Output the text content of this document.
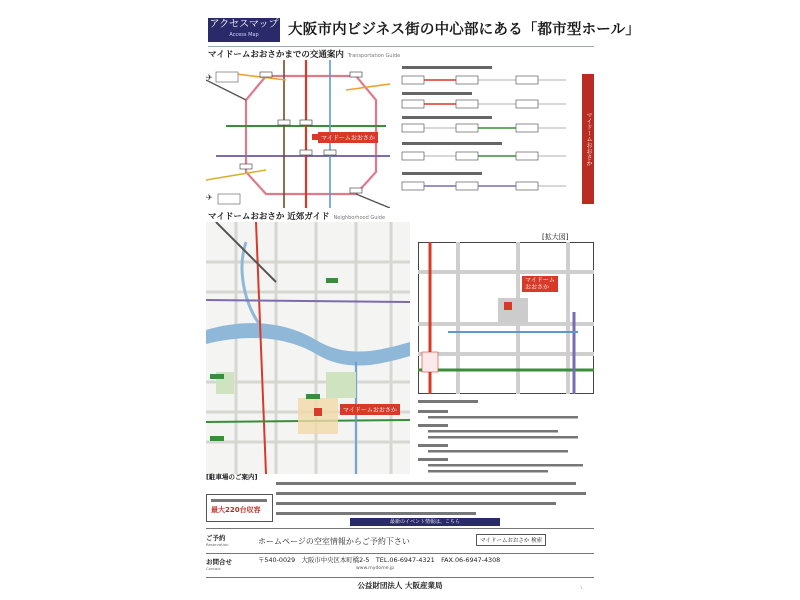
アクセスマップ
Access Map	大阪市内ビジネス街の中心部にある「都市型ホール」
マイドームおおさかまでの交通案内 Transportation Guide
✈
✈
マイドームおおさか	マイドームおおさか
マイドームおおさか 近郊ガイド Neighborhood Guide
マイドームおおさか
[拡大図]
マイドーム
おおさか
[駐車場のご案内]
最大220台収容
最新のイベント情報は、こちら
ご予約
Reservation	ホームページの空室情報からご予約下さい	マイドームおおさか 検索
お問合せ
Contact
〒540-0029　大阪市中央区本町橋2-5　TEL.06-6947-4321　FAX.06-6947-4308
www.mydome.jp
公益財団法人 大阪産業局	1
